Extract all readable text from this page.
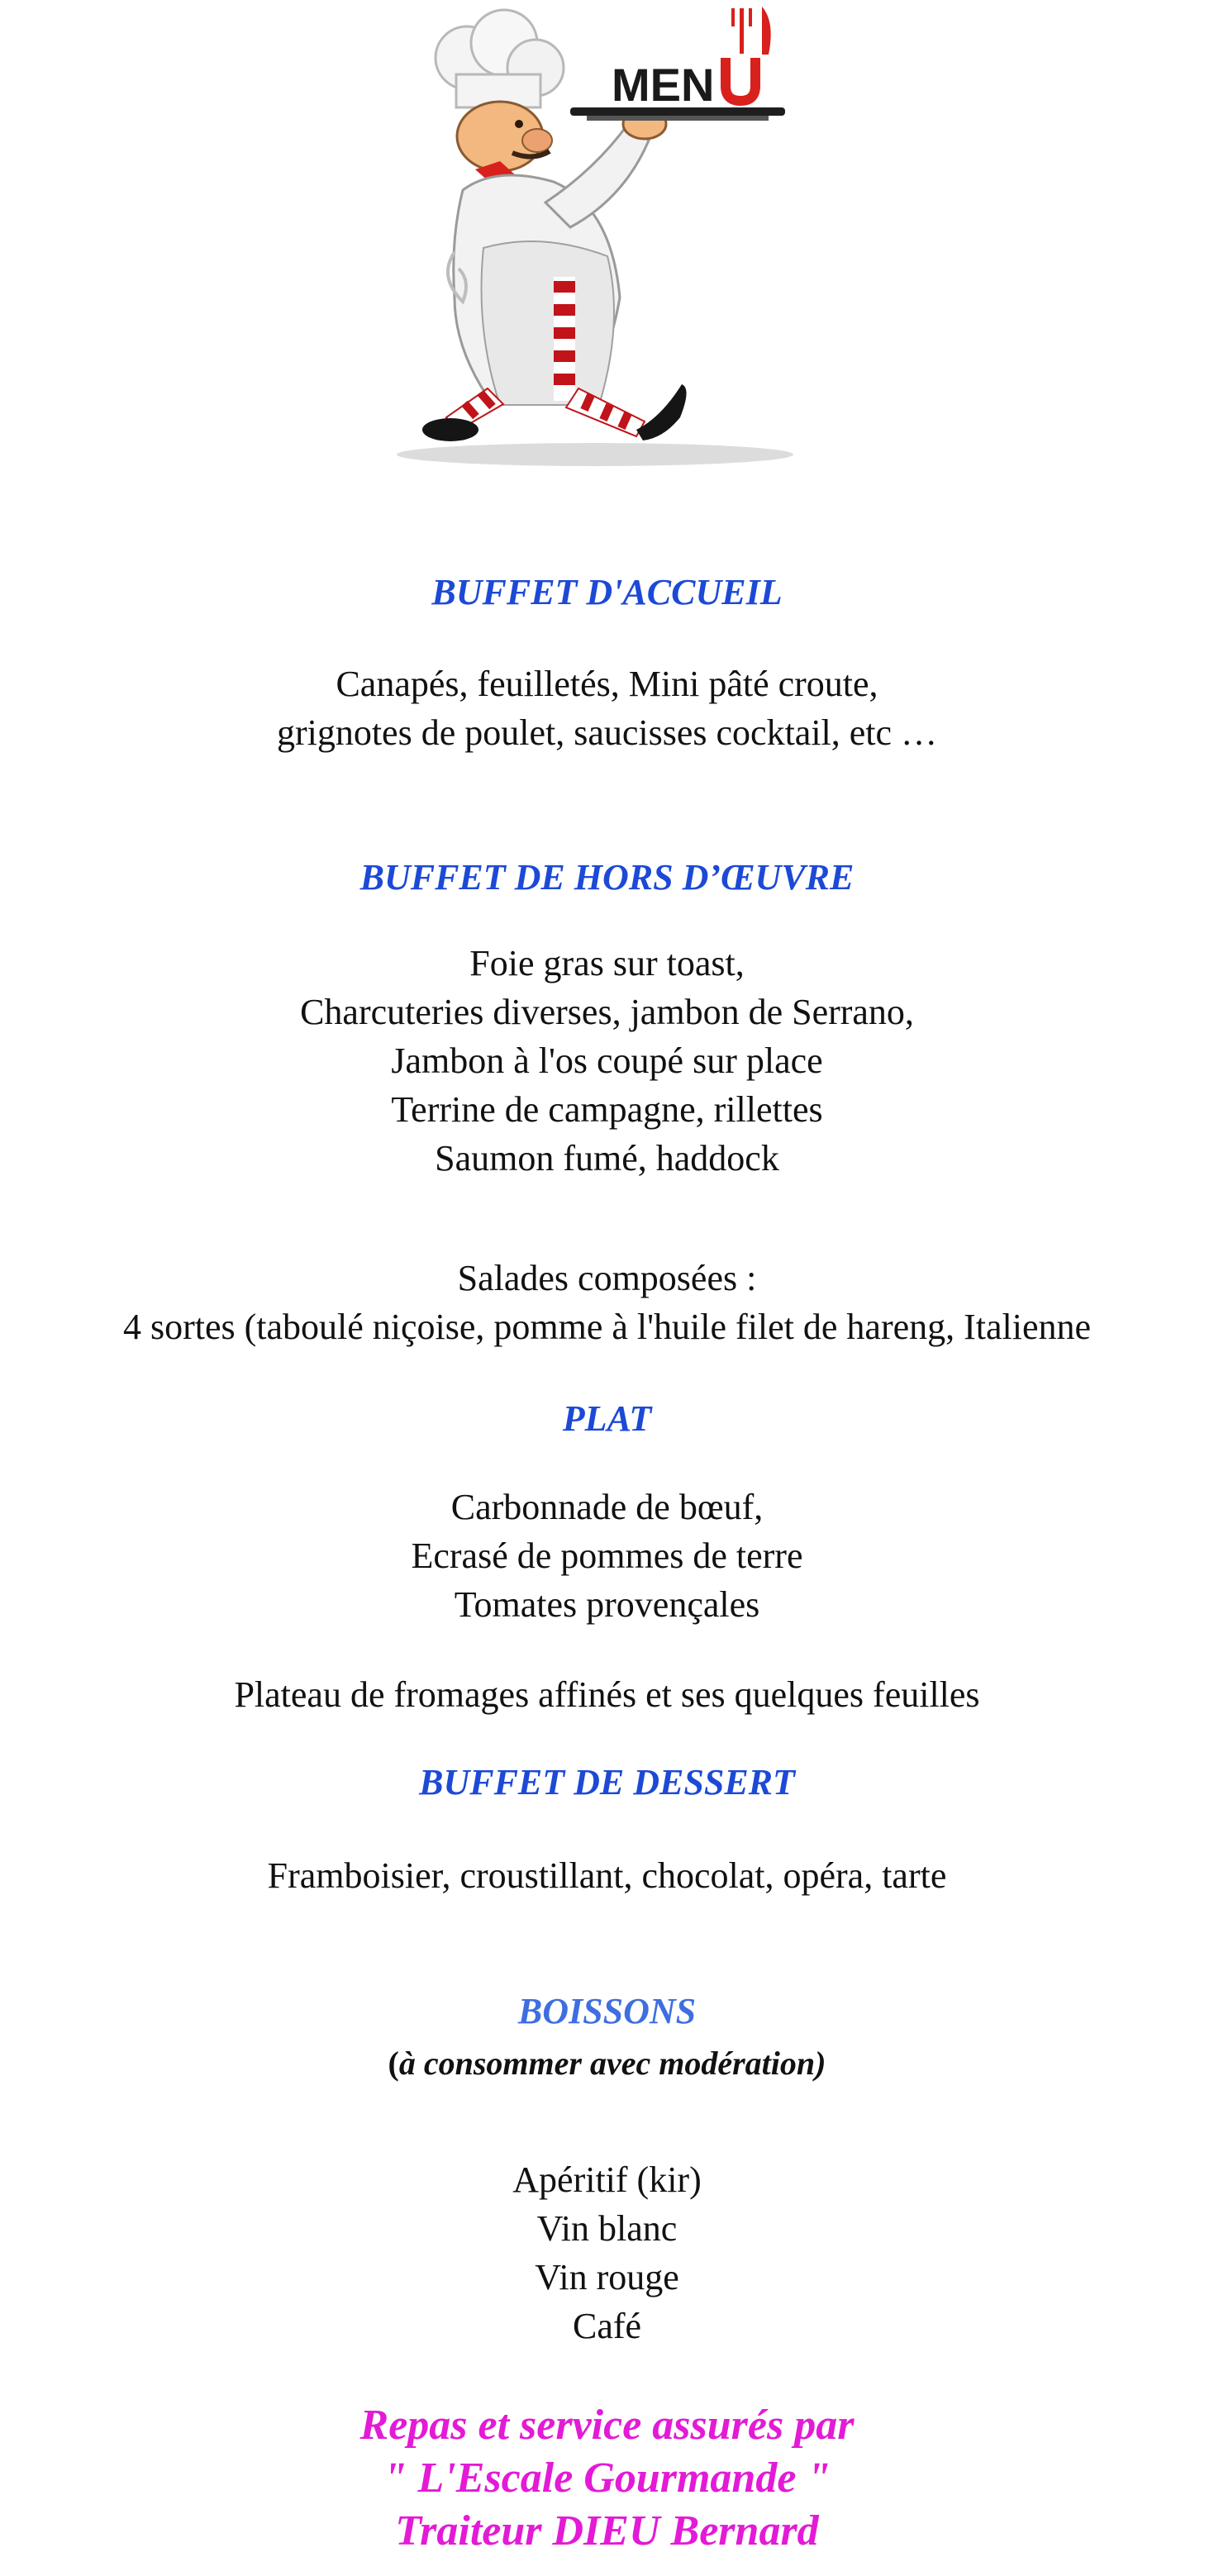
MEN
BUFFET D'ACCUEIL
Canapés, feuilletés, Mini pâté croute,
grignotes de poulet, saucisses cocktail, etc …
BUFFET DE HORS D’ŒUVRE
Foie gras sur toast,
Charcuteries diverses, jambon de Serrano,
Jambon à l'os coupé sur place
Terrine de campagne, rillettes
Saumon fumé, haddock
Salades composées :
4 sortes (taboulé niçoise, pomme à l'huile filet de hareng, Italienne
PLAT
Carbonnade de bœuf,
Ecrasé de pommes de terre
Tomates provençales
Plateau de fromages affinés et ses quelques feuilles
BUFFET DE DESSERT
Framboisier, croustillant, chocolat, opéra, tarte
BOISSONS
(à consommer avec modération)
Apéritif (kir)
Vin blanc
Vin rouge
Café
Repas et service assurés par
" L'Escale Gourmande "
Traiteur DIEU Bernard
